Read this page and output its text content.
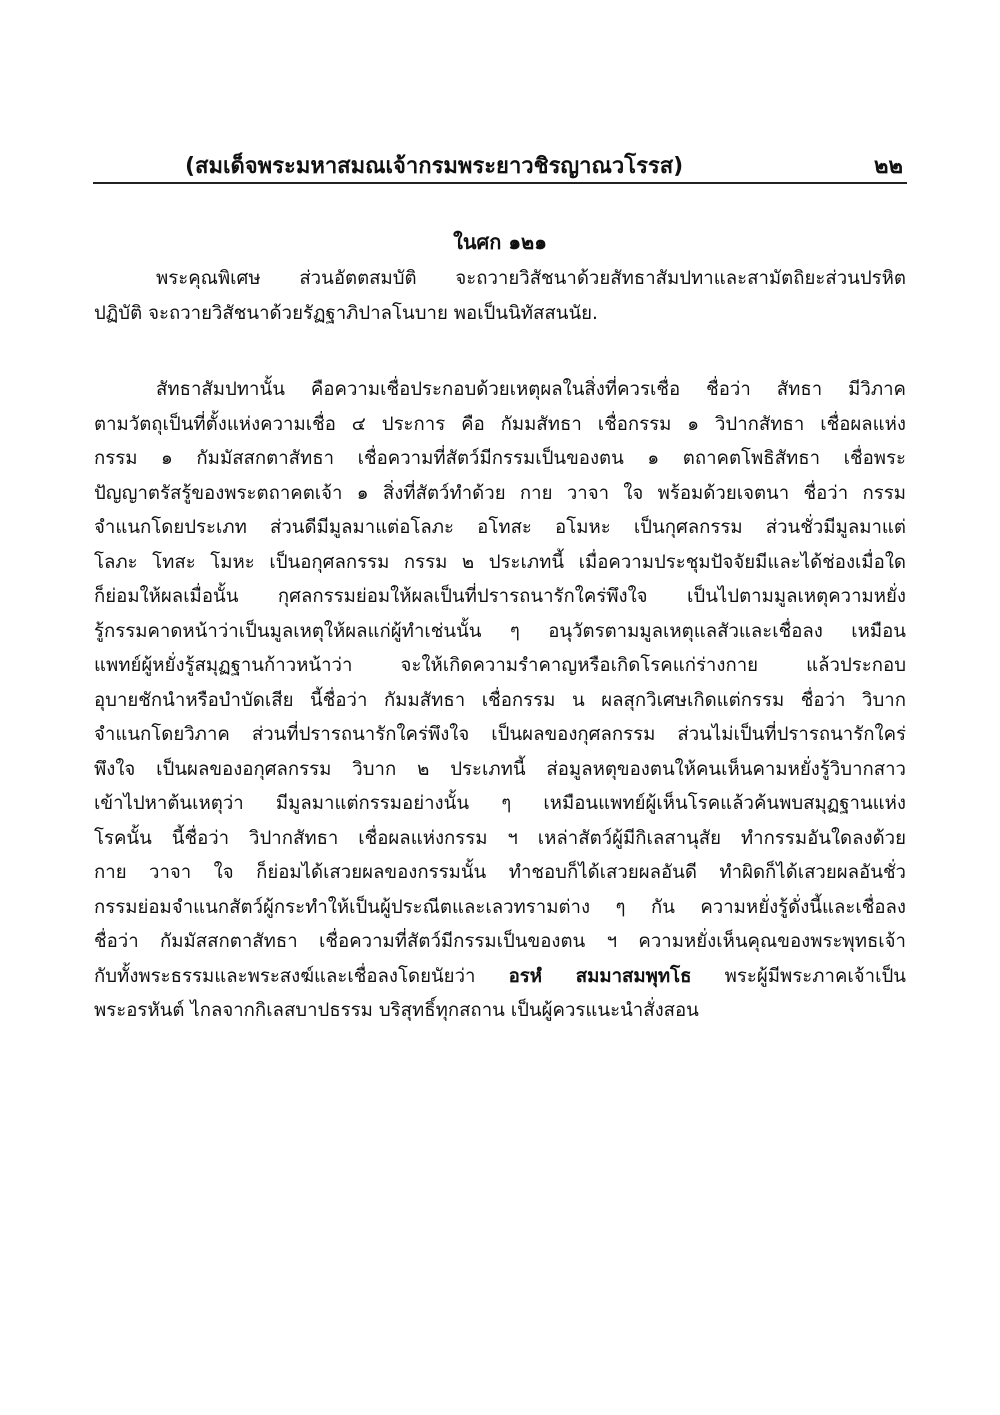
(สมเด็จพระมหาสมณเจ้ากรมพระยาวชิรญาณวโรรส)	๒๒
ในศก ๑๒๑
พระคุณพิเศษ ส่วนอัตตสมบัติ จะถวายวิสัชนาด้วยสัทธาสัมปทาและสามัตถิยะส่วนปรหิต
ปฏิบัติ จะถวายวิสัชนาด้วยรัฏฐาภิปาลโนบาย พอเป็นนิทัสสนนัย.
สัทธาสัมปทานั้น คือความเชื่อประกอบด้วยเหตุผลในสิ่งที่ควรเชื่อ ชื่อว่า สัทธา มีวิภาค
ตามวัตถุเป็นที่ตั้งแห่งความเชื่อ ๔ ประการ คือ กัมมสัทธา เชื่อกรรม ๑ วิปากสัทธา เชื่อผลแห่ง
กรรม ๑ กัมมัสสกตาสัทธา เชื่อความที่สัตว์มีกรรมเป็นของตน ๑ ตถาคตโพธิสัทธา เชื่อพระ
ปัญญาตรัสรู้ของพระตถาคตเจ้า ๑ สิ่งที่สัตว์ทำด้วย กาย วาจา ใจ พร้อมด้วยเจตนา ชื่อว่า กรรม
จำแนกโดยประเภท ส่วนดีมีมูลมาแต่อโลภะ อโทสะ อโมหะ เป็นกุศลกรรม ส่วนชั่วมีมูลมาแต่
โลภะ โทสะ โมหะ เป็นอกุศลกรรม กรรม ๒ ประเภทนี้ เมื่อความประชุมปัจจัยมีและได้ช่องเมื่อใด
ก็ย่อมให้ผลเมื่อนั้น กุศลกรรมย่อมให้ผลเป็นที่ปรารถนารักใคร่พึงใจ เป็นไปตามมูลเหตุความหยั่ง
รู้กรรมคาดหน้าว่าเป็นมูลเหตุให้ผลแก่ผู้ทำเช่นนั้น ๆ อนุวัตรตามมูลเหตุแลสัวและเชื่อลง เหมือน
แพทย์ผู้หยั่งรู้สมุฏฐานก้าวหน้าว่า จะให้เกิดความรำคาญหรือเกิดโรคแก่ร่างกาย แล้วประกอบ
อุบายชักนำหรือบำบัดเสีย นี้ชื่อว่า กัมมสัทธา เชื่อกรรม น ผลสุกวิเศษเกิดแต่กรรม ชื่อว่า วิบาก
จำแนกโดยวิภาค ส่วนที่ปรารถนารักใคร่พึงใจ เป็นผลของกุศลกรรม ส่วนไม่เป็นที่ปรารถนารักใคร่
พึงใจ เป็นผลของอกุศลกรรม วิบาก ๒ ประเภทนี้ ส่อมูลหตุของตนให้คนเห็นคามหยั่งรู้วิบากสาว
เข้าไปหาต้นเหตุว่า มีมูลมาแต่กรรมอย่างนั้น ๆ เหมือนแพทย์ผู้เห็นโรคแล้วค้นพบสมุฏฐานแห่ง
โรคนั้น นี้ชื่อว่า วิปากสัทธา เชื่อผลแห่งกรรม ฯ เหล่าสัตว์ผู้มีกิเลสานุสัย ทำกรรมอันใดลงด้วย
กาย วาจา ใจ ก็ย่อมได้เสวยผลของกรรมนั้น ทำชอบก็ได้เสวยผลอันดี ทำผิดก็ได้เสวยผลอันชั่ว
กรรมย่อมจำแนกสัตว์ผู้กระทำให้เป็นผู้ประณีตและเลวทรามต่าง ๆ กัน ความหยั่งรู้ดั่งนี้และเชื่อลง
ชื่อว่า กัมมัสสกตาสัทธา เชื่อความที่สัตว์มีกรรมเป็นของตน ฯ ความหยั่งเห็นคุณของพระพุทธเจ้า
กับทั้งพระธรรมและพระสงฆ์และเชื่อลงโดยนัยว่า อรหํ สมมาสมพุทโธ พระผู้มีพระภาคเจ้าเป็น
พระอรหันต์ ไกลจากกิเลสบาปธรรม บริสุทธิ์ทุกสถาน เป็นผู้ควรแนะนำสั่งสอน
